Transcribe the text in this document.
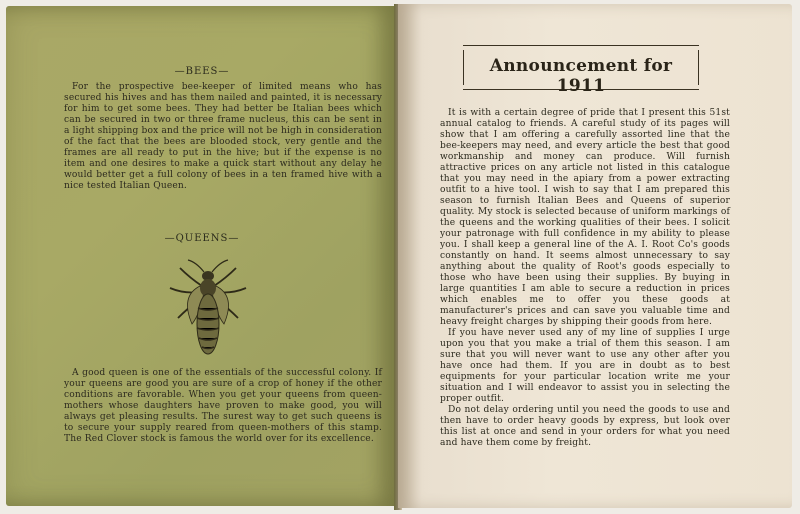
—BEES—
For the prospective bee-keeper of limited means who has secured his hives and has them nailed and painted, it is necessary for him to get some bees. They had better be Italian bees which can be secured in two or three frame nucleus, this can be sent in a light shipping box and the price will not be high in consideration of the fact that the bees are blooded stock, very gentle and the frames are all ready to put in the hive; but if the expense is no item and one desires to make a quick start without any delay he would better get a full colony of bees in a ten framed hive with a nice tested Italian Queen.
—QUEENS—
A good queen is one of the essentials of the successful colony. If your queens are good you are sure of a crop of honey if the other conditions are favorable. When you get your queens from queen-mothers whose daughters have proven to make good, you will always get pleasing results. The surest way to get such queens is to secure your supply reared from queen-mothers of this stamp. The Red Clover stock is famous the world over for its excellence.
Announcement for 1911
It is with a certain degree of pride that I present this 51st annual catalog to friends. A careful study of its pages will show that I am offering a carefully assorted line that the bee-keepers may need, and every article the best that good workmanship and money can produce. Will furnish attractive prices on any article not listed in this catalogue that you may need in the apiary from a power extracting outfit to a hive tool. I wish to say that I am prepared this season to furnish Italian Bees and Queens of superior quality. My stock is selected because of uniform markings of the queens and the working qualities of their bees. I solicit your patronage with full confidence in my ability to please you. I shall keep a general line of the A. I. Root Co's goods constantly on hand. It seems almost unnecessary to say anything about the quality of Root's goods especially to those who have been using their supplies. By buying in large quantities I am able to secure a reduction in prices which enables me to offer you these goods at manufacturer's prices and can save you valuable time and heavy freight charges by shipping their goods from here.
If you have never used any of my line of supplies I urge upon you that you make a trial of them this season. I am sure that you will never want to use any other after you have once had them. If you are in doubt as to best equipments for your particular location write me your situation and I will endeavor to assist you in selecting the proper outfit.
Do not delay ordering until you need the goods to use and then have to order heavy goods by express, but look over this list at once and send in your orders for what you need and have them come by freight.
